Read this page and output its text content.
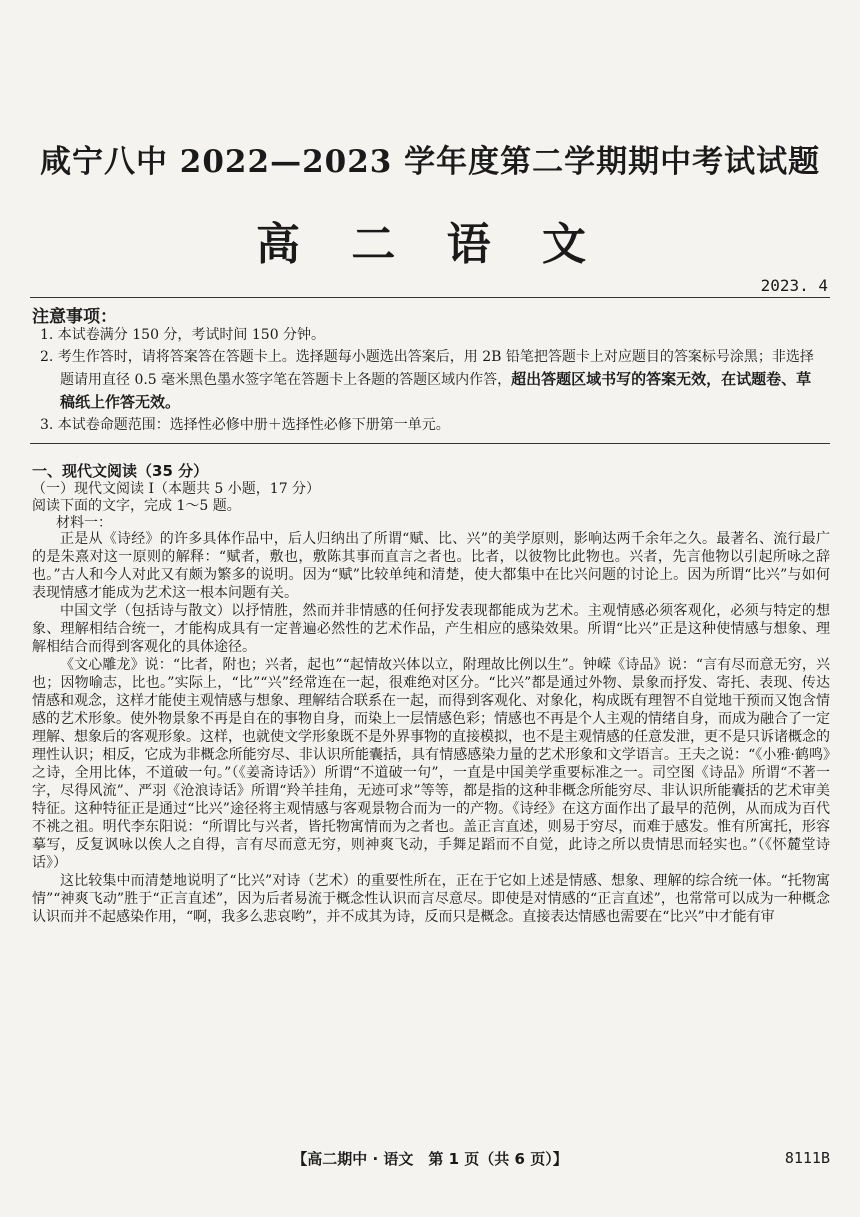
咸宁八中 2022—2023 学年度第二学期期中考试试题
高 二 语 文
2023. 4
注意事项：
1. 本试卷满分 150 分，考试时间 150 分钟。
2. 考生作答时，请将答案答在答题卡上。选择题每小题选出答案后，用 2B 铅笔把答题卡上对应题目的答案标号涂黑；非选择题请用直径 0.5 毫米黑色墨水签字笔在答题卡上各题的答题区域内作答，超出答题区域书写的答案无效，在试题卷、草稿纸上作答无效。
3. 本试卷命题范围：选择性必修中册＋选择性必修下册第一单元。
一、现代文阅读（35 分）
（一）现代文阅读 I（本题共 5 小题，17 分）
阅读下面的文字，完成 1～5 题。
材料一：

正是从《诗经》的许多具体作品中，后人归纳出了所谓“赋、比、兴”的美学原则，影响达两千余年之久。最著名、流行最广的是朱熹对这一原则的解释：“赋者，敷也，敷陈其事而直言之者也。比者，以彼物比此物也。兴者，先言他物以引起所咏之辞也。”古人和今人对此又有颇为繁多的说明。因为“赋”比较单纯和清楚，使大都集中在比兴问题的讨论上。因为所谓“比兴”与如何表现情感才能成为艺术这一根本问题有关。

中国文学（包括诗与散文）以抒情胜，然而并非情感的任何抒发表现都能成为艺术。主观情感必须客观化，必须与特定的想象、理解相结合统一，才能构成具有一定普遍必然性的艺术作品，产生相应的感染效果。所谓“比兴”正是这种使情感与想象、理解相结合而得到客观化的具体途径。

《文心雕龙》说：“比者，附也；兴者，起也”“起情故兴体以立，附理故比例以生”。钟嵘《诗品》说：“言有尽而意无穷，兴也；因物喻志，比也。”实际上，“比”“兴”经常连在一起，很难绝对区分。“比兴”都是通过外物、景象而抒发、寄托、表现、传达情感和观念，这样才能使主观情感与想象、理解结合联系在一起，而得到客观化、对象化，构成既有理智不自觉地干预而又饱含情感的艺术形象。使外物景象不再是自在的事物自身，而染上一层情感色彩；情感也不再是个人主观的情绪自身，而成为融合了一定理解、想象后的客观形象。这样，也就使文学形象既不是外界事物的直接模拟，也不是主观情感的任意发泄，更不是只诉诸概念的理性认识；相反，它成为非概念所能穷尽、非认识所能囊括，具有情感感染力量的艺术形象和文学语言。王夫之说：“《小雅·鹤鸣》之诗，全用比体，不道破一句。”（《姜斋诗话》）所谓“不道破一句”，一直是中国美学重要标准之一。司空图《诗品》所谓“不著一字，尽得风流”、严羽《沧浪诗话》所谓“羚羊挂角，无迹可求”等等，都是指的这种非概念所能穷尽、非认识所能囊括的艺术审美特征。这种特征正是通过“比兴”途径将主观情感与客观景物合而为一的产物。《诗经》在这方面作出了最早的范例，从而成为百代不祧之祖。明代李东阳说：“所谓比与兴者，皆托物寓情而为之者也。盖正言直述，则易于穷尽，而难于感发。惟有所寓托，形容摹写，反复讽咏以俟人之自得，言有尽而意无穷，则神爽飞动，手舞足蹈而不自觉，此诗之所以贵情思而轻实也。”（《怀麓堂诗话》）

这比较集中而清楚地说明了“比兴”对诗（艺术）的重要性所在，正在于它如上述是情感、想象、理解的综合统一体。“托物寓情”“神爽飞动”胜于“正言直述”，因为后者易流于概念性认识而言尽意尽。即使是对情感的“正言直述”，也常常可以成为一种概念认识而并不起感染作用，“啊，我多么悲哀哟”，并不成其为诗，反而只是概念。直接表达情感也需要在“比兴”中才能有审

【高二期中 · 语文　第 1 页（共 6 页）】	8111B
